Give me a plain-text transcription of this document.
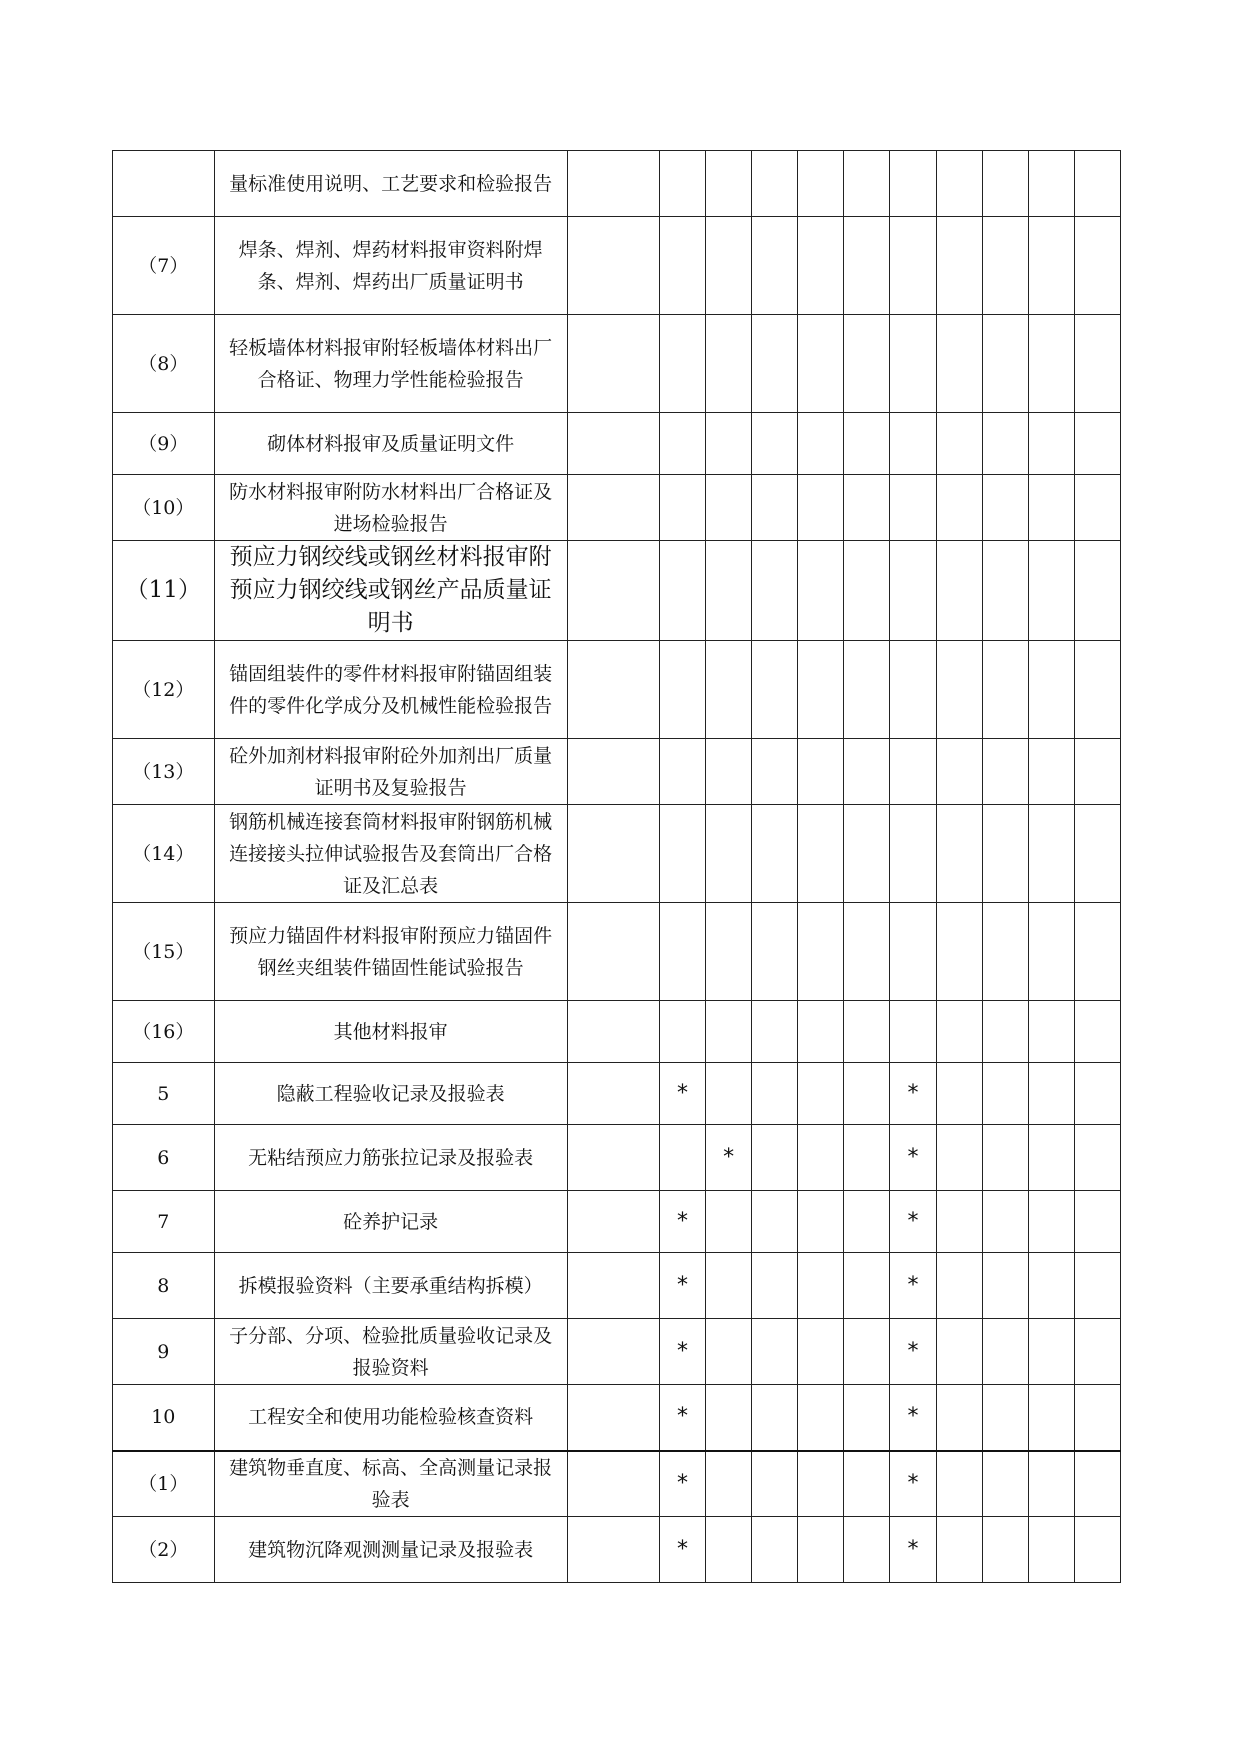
	量标准使用说明、工艺要求和检验报告											
（7）	焊条、焊剂、焊药材料报审资料附焊条、焊剂、焊药出厂质量证明书											
（8）	轻板墙体材料报审附轻板墙体材料出厂合格证、物理力学性能检验报告											
（9）	砌体材料报审及质量证明文件											
（10）	防水材料报审附防水材料出厂合格证及进场检验报告											
（11）	预应力钢绞线或钢丝材料报审附预应力钢绞线或钢丝产品质量证明书											
（12）	锚固组装件的零件材料报审附锚固组装件的零件化学成分及机械性能检验报告											
（13）	砼外加剂材料报审附砼外加剂出厂质量证明书及复验报告											
（14）	钢筋机械连接套筒材料报审附钢筋机械连接接头拉伸试验报告及套筒出厂合格证及汇总表											
（15）	预应力锚固件材料报审附预应力锚固件钢丝夹组装件锚固性能试验报告											
（16）	其他材料报审											
5	隐蔽工程验收记录及报验表		*					*				
6	无粘结预应力筋张拉记录及报验表			*				*				
7	砼养护记录		*					*				
8	拆模报验资料（主要承重结构拆模）		*					*				
9	子分部、分项、检验批质量验收记录及报验资料		*					*				
10	工程安全和使用功能检验核查资料		*					*				
（1）	建筑物垂直度、标高、全高测量记录报验表		*					*				
（2）	建筑物沉降观测测量记录及报验表		*					*				
